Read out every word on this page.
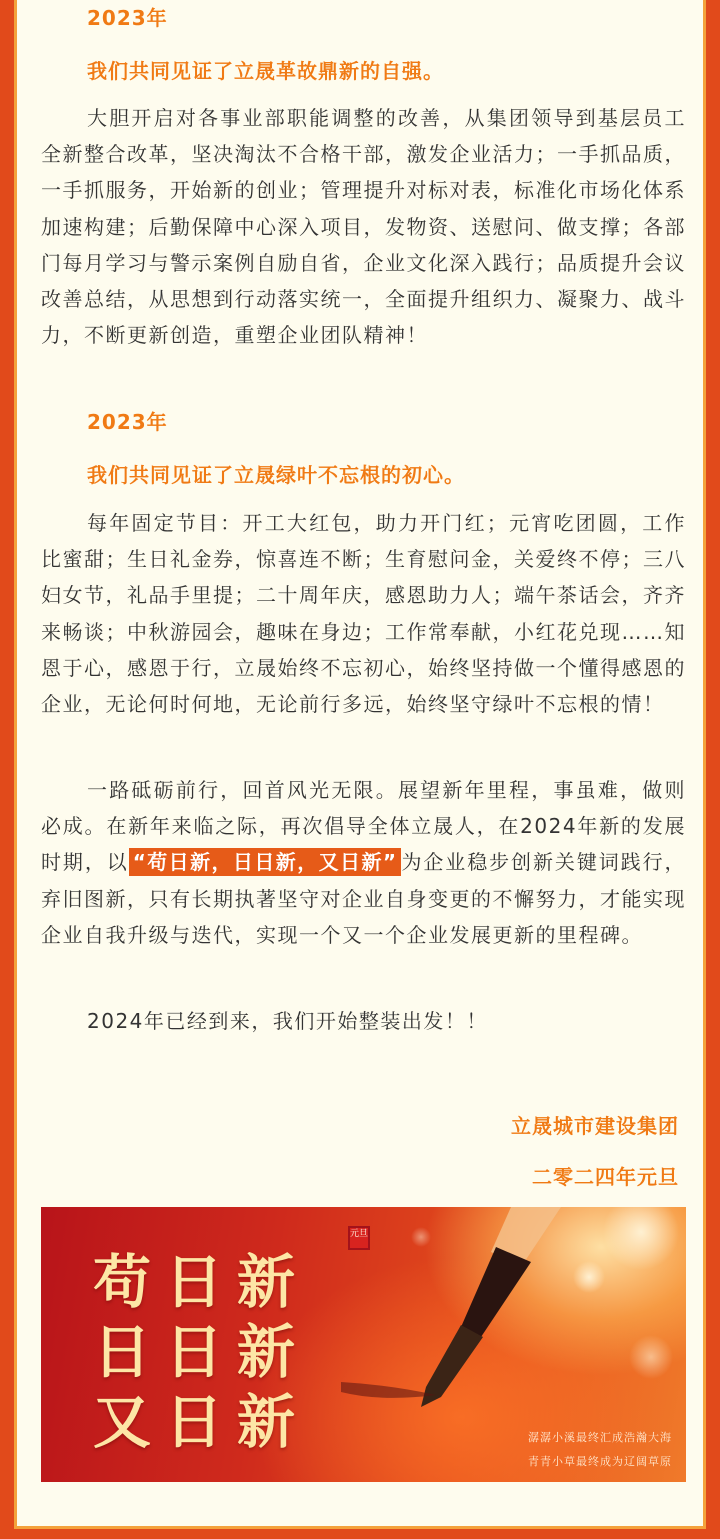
2023年

我们共同见证了立晟革故鼎新的自强。

大胆开启对各事业部职能调整的改善，从集团领导到基层员工全新整合改革，坚决淘汰不合格干部，激发企业活力；一手抓品质，一手抓服务，开始新的创业；管理提升对标对表，标准化市场化体系加速构建；后勤保障中心深入项目，发物资、送慰问、做支撑；各部门每月学习与警示案例自励自省，企业文化深入践行；品质提升会议改善总结，从思想到行动落实统一，全面提升组织力、凝聚力、战斗力，不断更新创造，重塑企业团队精神！

2023年

我们共同见证了立晟绿叶不忘根的初心。

每年固定节目：开工大红包，助力开门红；元宵吃团圆，工作比蜜甜；生日礼金券，惊喜连不断；生育慰问金，关爱终不停；三八妇女节，礼品手里提；二十周年庆，感恩助力人；端午茶话会，齐齐来畅谈；中秋游园会，趣味在身边；工作常奉献，小红花兑现……知恩于心，感恩于行，立晟始终不忘初心，始终坚持做一个懂得感恩的企业，无论何时何地，无论前行多远，始终坚守绿叶不忘根的情！

一路砥砺前行，回首风光无限。展望新年里程，事虽难，做则必成。在新年来临之际，再次倡导全体立晟人，在2024年新的发展时期，以 “苟日新，日日新，又日新” 为企业稳步创新关键词践行，弃旧图新，只有长期执著坚守对企业自身变更的不懈努力，才能实现企业自我升级与迭代，实现一个又一个企业发展更新的里程碑。

2024年已经到来，我们开始整装出发！！

立晟城市建设集团
二零二四年元旦
苟日新
日日新
又日新
元旦
潺潺小溪最终汇成浩瀚大海
青青小草最终成为辽阔草原
